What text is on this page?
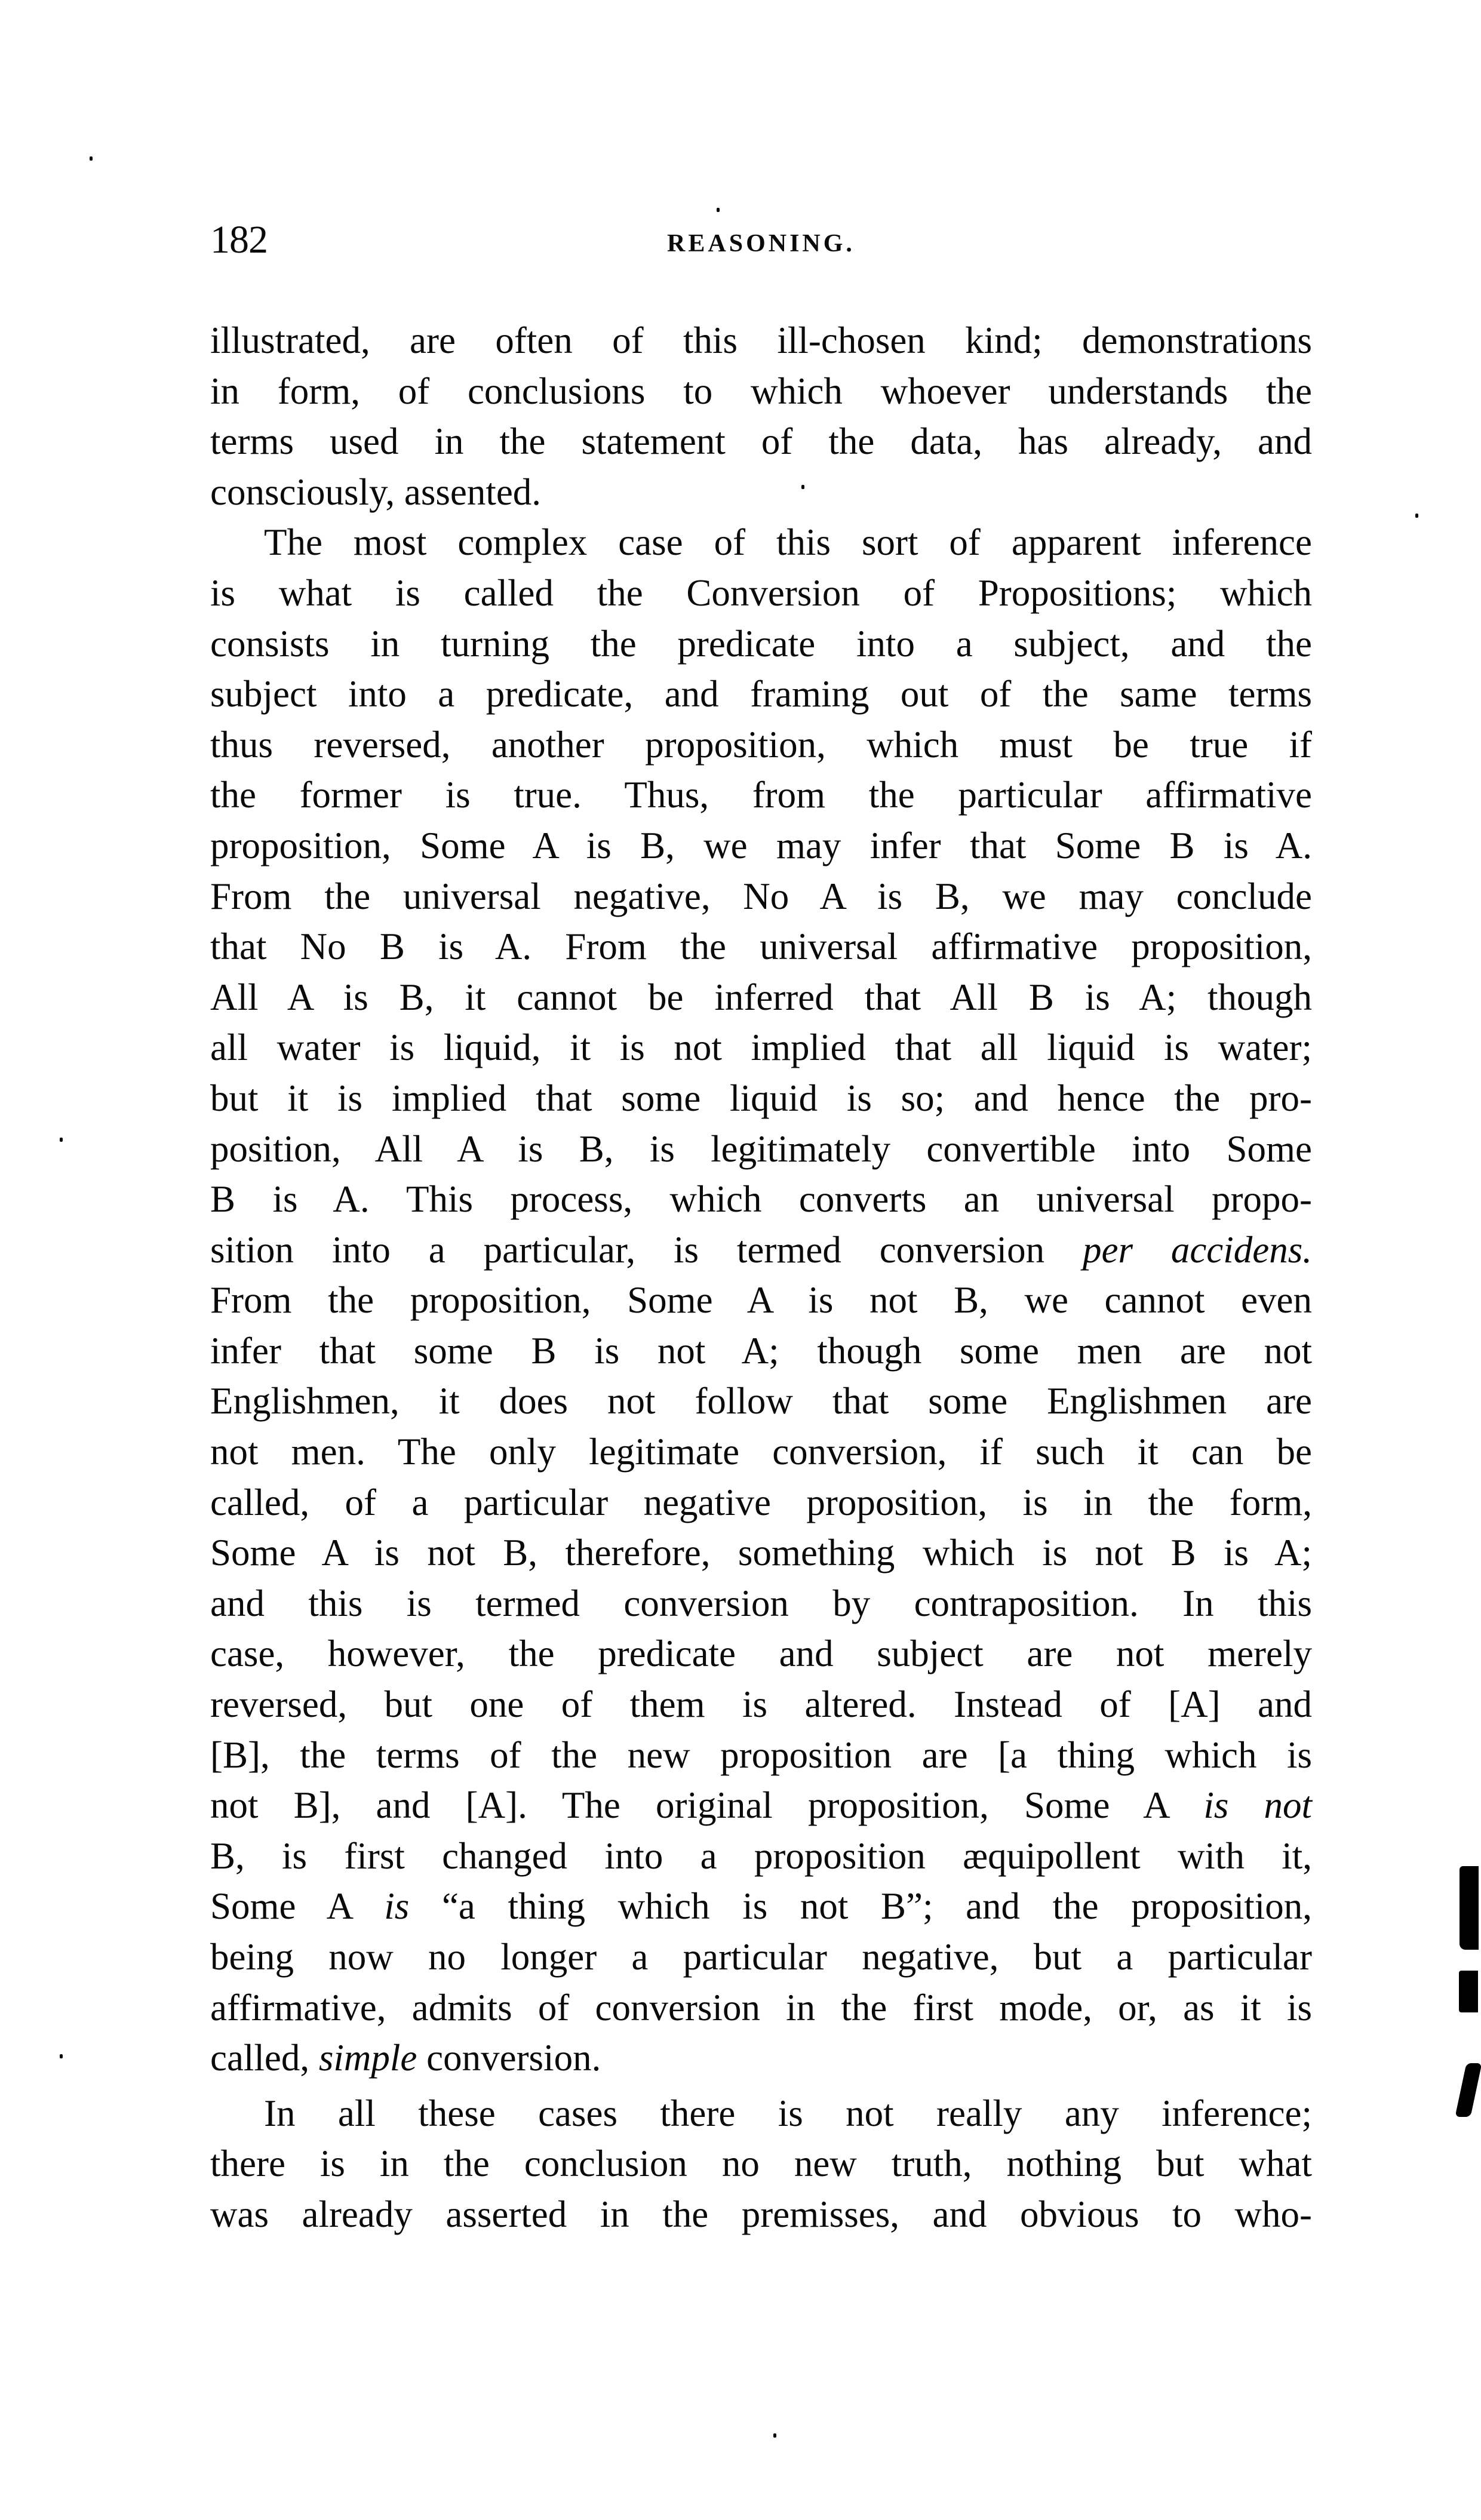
182	REASONING.
illustrated, are often of this ill-chosen kind; demonstrations
in form, of conclusions to which whoever understands the
terms used in the statement of the data, has already, and
consciously, assented.
The most complex case of this sort of apparent inference
is what is called the Conversion of Propositions; which
consists in turning the predicate into a subject, and the
subject into a predicate, and framing out of the same terms
thus reversed, another proposition, which must be true if
the former is true. Thus, from the particular affirmative
proposition, Some A is B, we may infer that Some B is A.
From the universal negative, No A is B, we may conclude
that No B is A. From the universal affirmative proposition,
All A is B, it cannot be inferred that All B is A; though
all water is liquid, it is not implied that all liquid is water;
but it is implied that some liquid is so; and hence the pro-
position, All A is B, is legitimately convertible into Some
B is A. This process, which converts an universal propo-
sition into a particular, is termed conversion per accidens.
From the proposition, Some A is not B, we cannot even
infer that some B is not A; though some men are not
Englishmen, it does not follow that some Englishmen are
not men. The only legitimate conversion, if such it can be
called, of a particular negative proposition, is in the form,
Some A is not B, therefore, something which is not B is A;
and this is termed conversion by contraposition. In this
case, however, the predicate and subject are not merely
reversed, but one of them is altered. Instead of [A] and
[B], the terms of the new proposition are [a thing which is
not B], and [A]. The original proposition, Some A is not
B, is first changed into a proposition æquipollent with it,
Some A is “a thing which is not B”; and the proposition,
being now no longer a particular negative, but a particular
affirmative, admits of conversion in the first mode, or, as it is
called, simple conversion.
In all these cases there is not really any inference;
there is in the conclusion no new truth, nothing but what
was already asserted in the premisses, and obvious to who-
